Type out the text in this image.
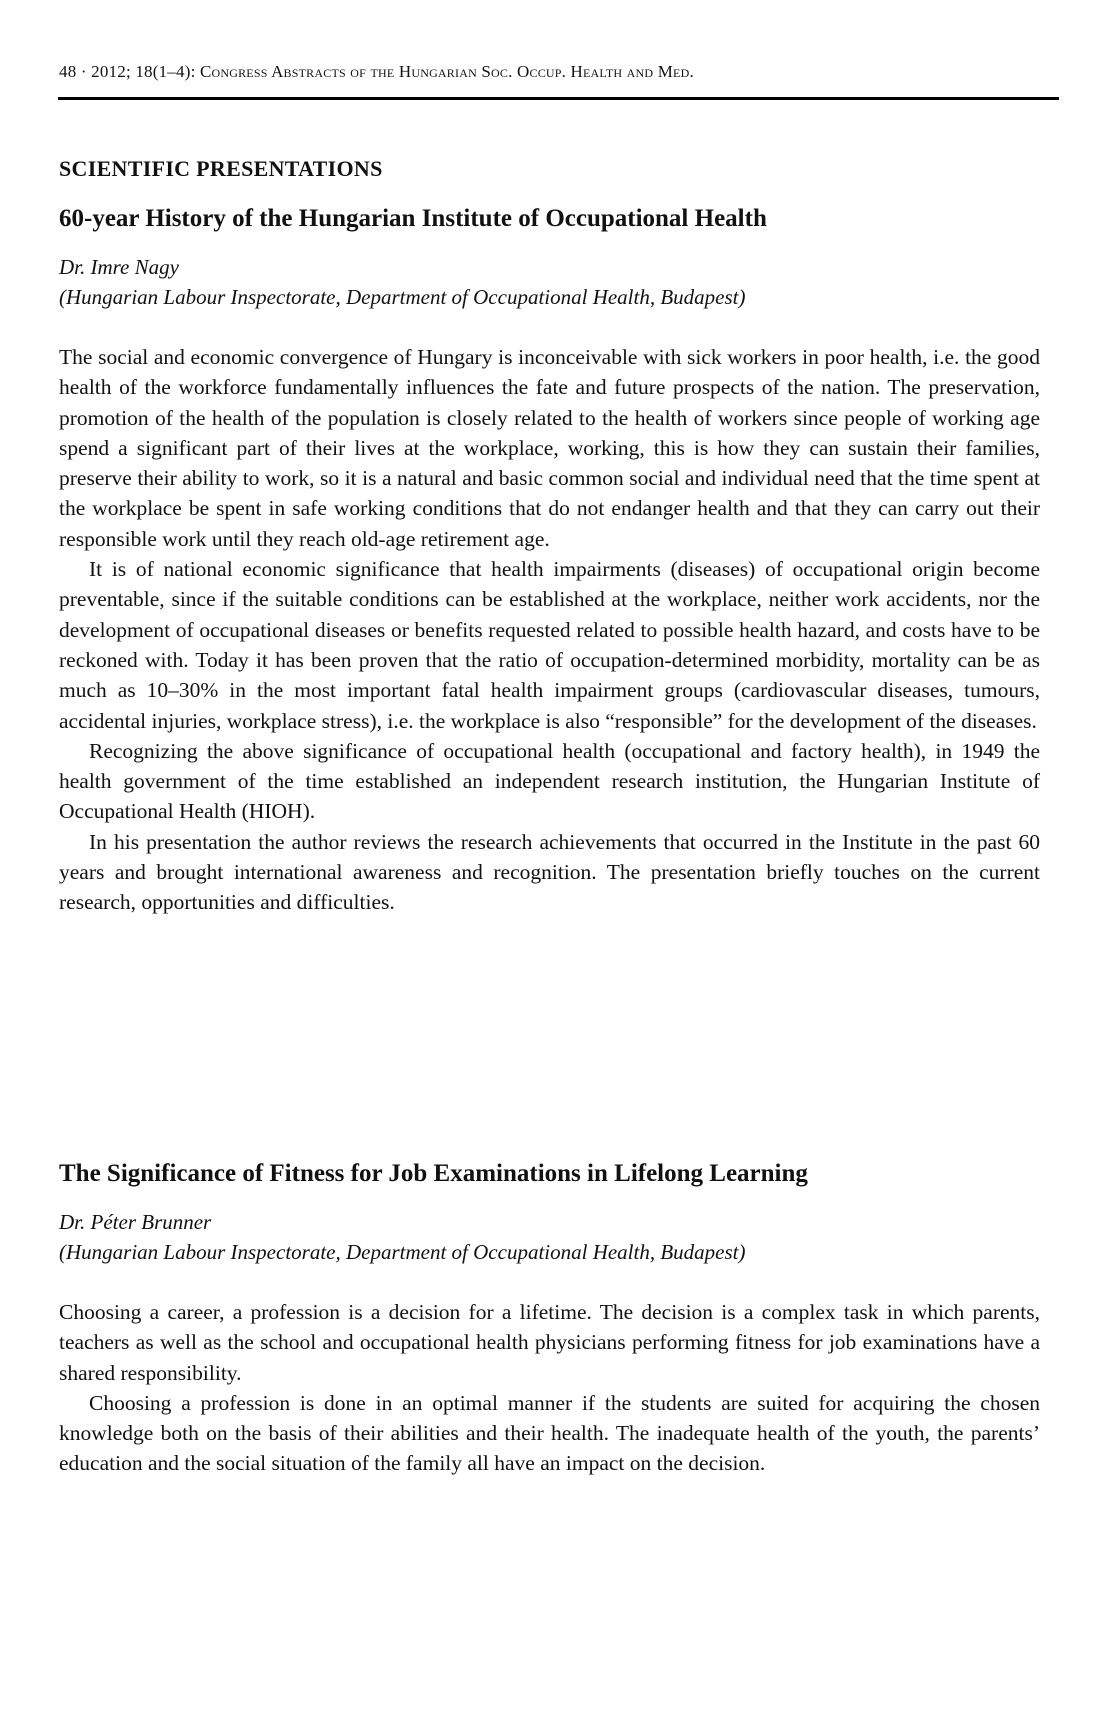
48 · 2012; 18(1–4): Congress Abstracts of the Hungarian Soc. Occup. Health and Med.
SCIENTIFIC PRESENTATIONS
60-year History of the Hungarian Institute of Occupational Health
Dr. Imre Nagy
(Hungarian Labour Inspectorate, Department of Occupational Health, Budapest)

The social and economic convergence of Hungary is inconceivable with sick workers in poor health, i.e. the good health of the workforce fundamentally influences the fate and future prospects of the nation. The preservation, promotion of the health of the population is closely related to the health of workers since people of working age spend a significant part of their lives at the workplace, working, this is how they can sustain their families, preserve their ability to work, so it is a natural and basic common social and individual need that the time spent at the workplace be spent in safe working conditions that do not endanger health and that they can carry out their responsible work until they reach old-age retirement age.

It is of national economic significance that health impairments (diseases) of occupational origin become preventable, since if the suitable conditions can be established at the workplace, neither work accidents, nor the development of occupational diseases or benefits requested related to possible health hazard, and costs have to be reckoned with. Today it has been proven that the ratio of occupation-determined morbidity, mortality can be as much as 10–30% in the most important fatal health impairment groups (cardiovascular diseases, tumours, accidental injuries, workplace stress), i.e. the workplace is also “responsible” for the development of the diseases.

Recognizing the above significance of occupational health (occupational and factory health), in 1949 the health government of the time established an independent research institution, the Hungarian Institute of Occupational Health (HIOH).

In his presentation the author reviews the research achievements that occurred in the Institute in the past 60 years and brought international awareness and recognition. The presentation briefly touches on the current research, opportunities and difficulties.

The Significance of Fitness for Job Examinations in Lifelong Learning
Dr. Péter Brunner
(Hungarian Labour Inspectorate, Department of Occupational Health, Budapest)

Choosing a career, a profession is a decision for a lifetime. The decision is a complex task in which parents, teachers as well as the school and occupational health physicians performing fitness for job examinations have a shared responsibility.

Choosing a profession is done in an optimal manner if the students are suited for acquiring the chosen knowledge both on the basis of their abilities and their health. The inadequate health of the youth, the parents’ education and the social situation of the family all have an impact on the decision.
